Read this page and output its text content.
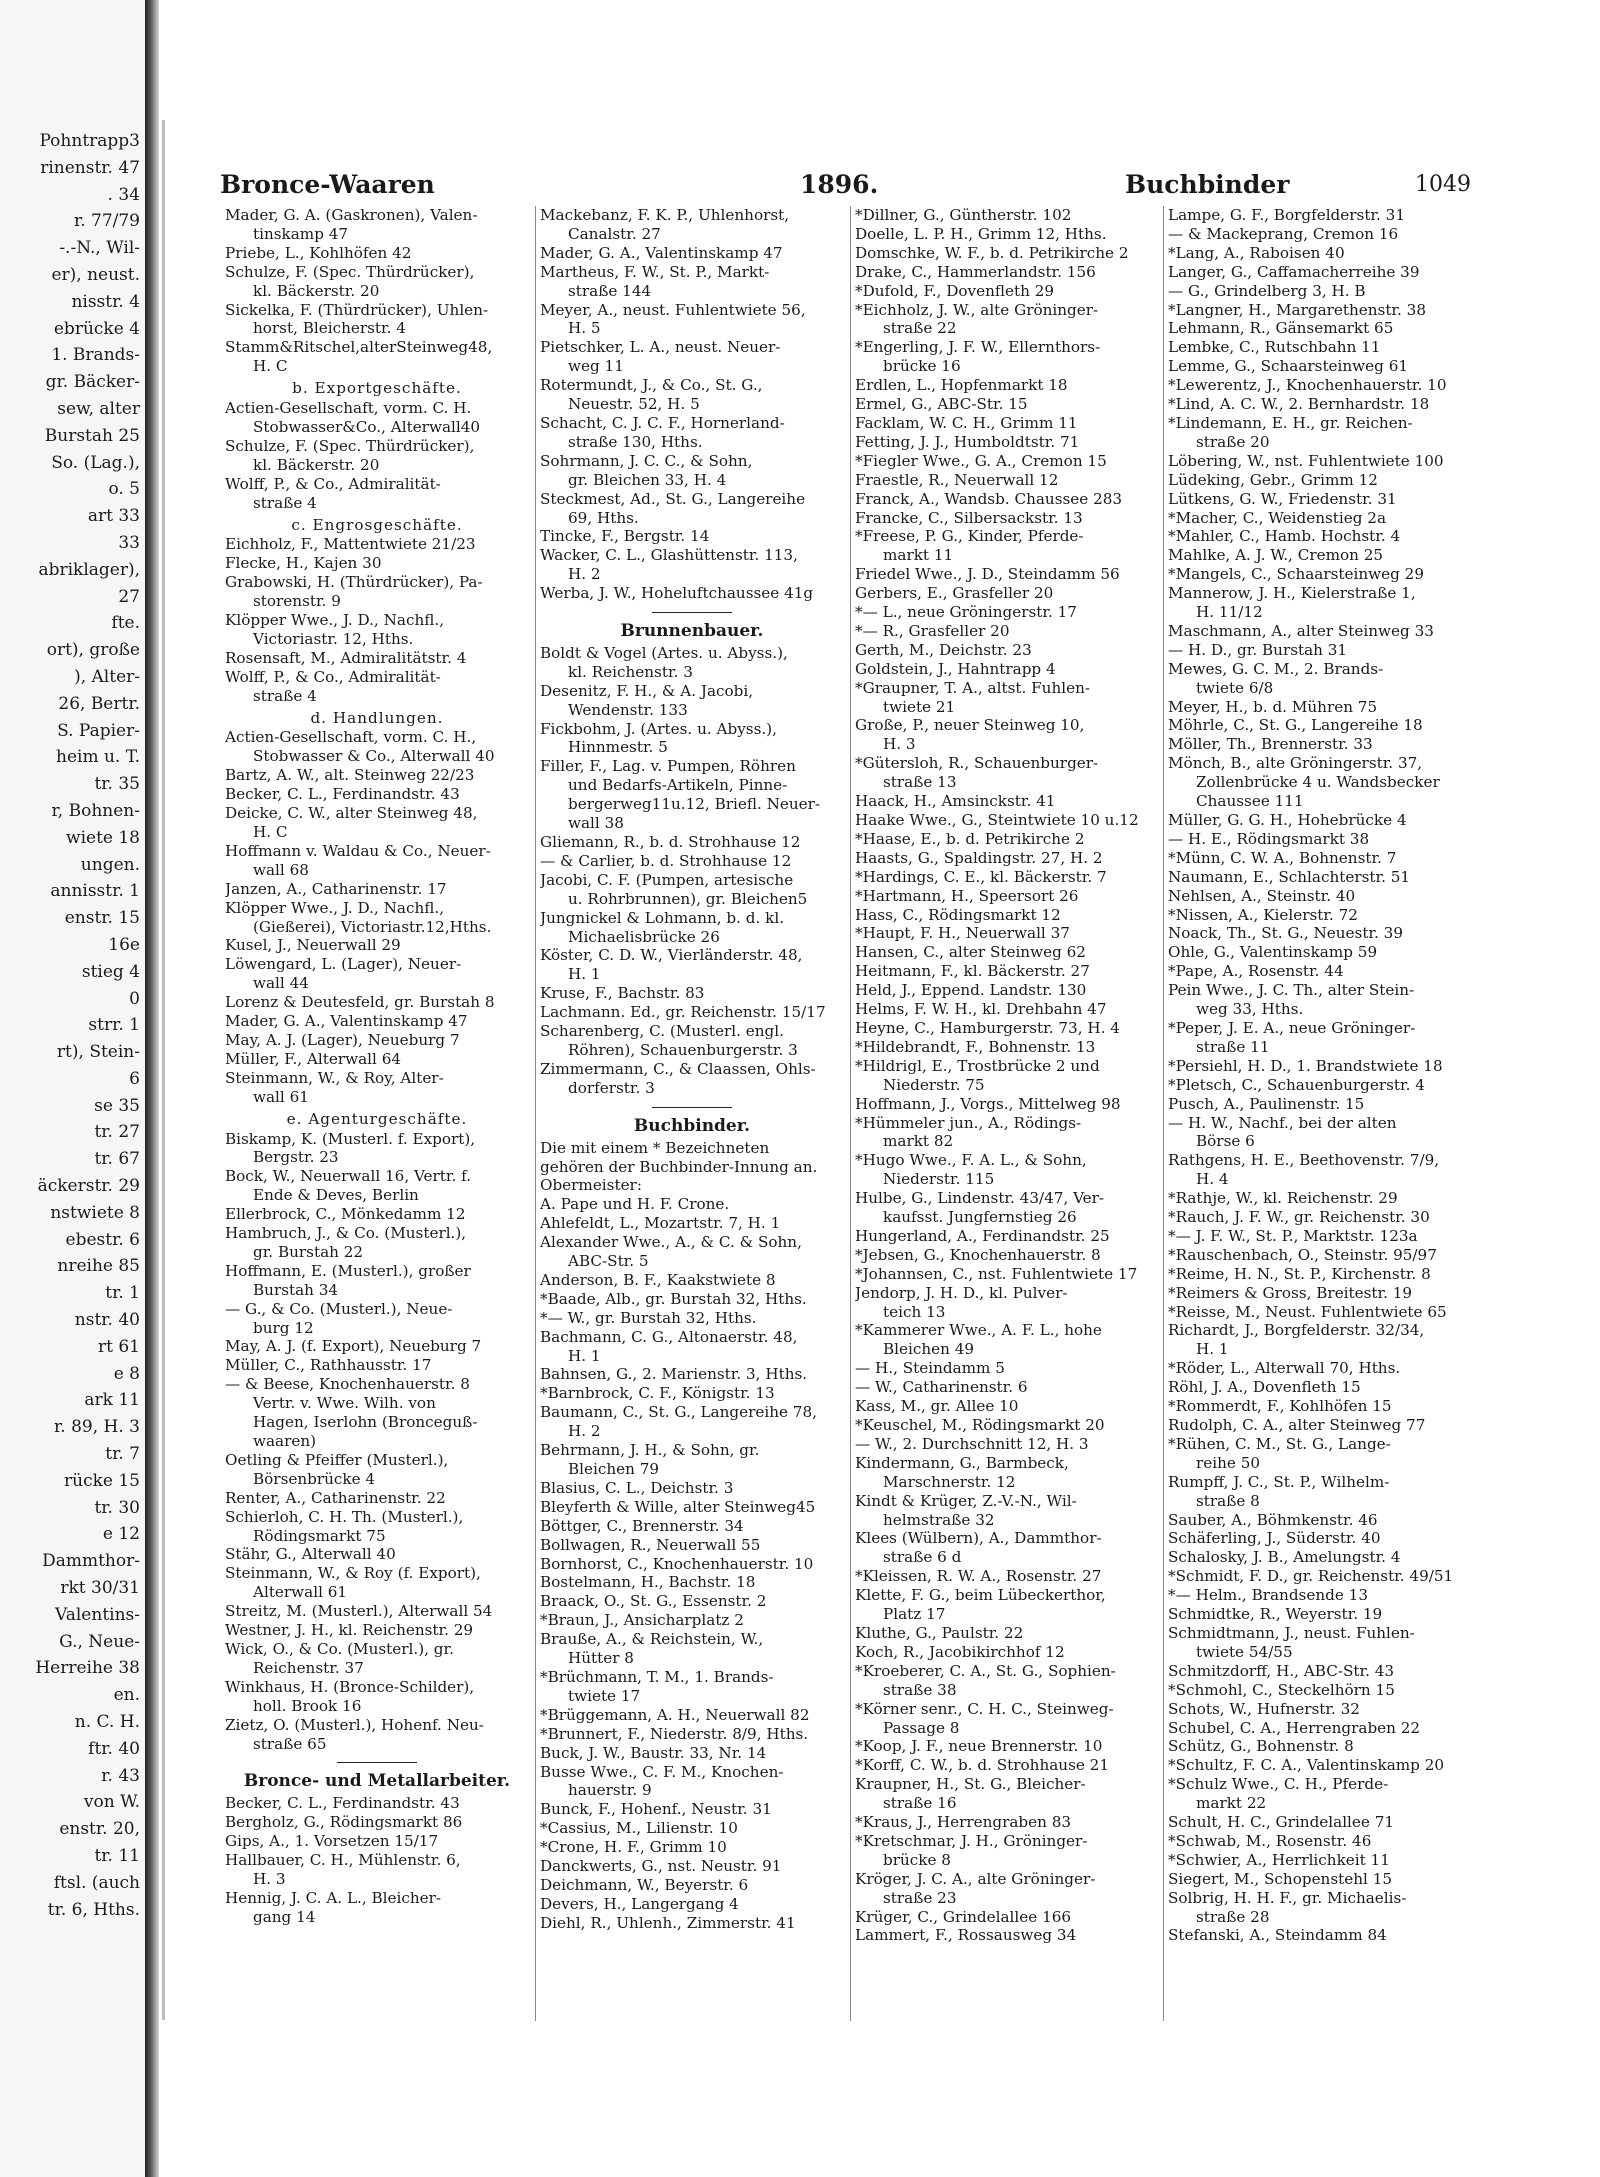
Pohntrapp3
rinenstr. 47
. 34
r. 77/79
-.-N., Wil-
er), neust.
nisstr. 4
ebrücke 4
1. Brands-
gr. Bäcker-
sew, alter
Burstah 25
So. (Lag.),
o. 5
art 33
33
abriklager),
27
fte.
ort), große
), Alter-
26, Bertr.
S. Papier-
heim u. T.
tr. 35
r, Bohnen-
wiete 18
ungen.
annisstr. 1
enstr. 15
16e
stieg 4
0
strr. 1
rt), Stein-
6
se 35
tr. 27
tr. 67
äckerstr. 29
nstwiete 8
ebestr. 6
nreihe 85
tr. 1
nstr. 40
rt 61
e 8
ark 11
r. 89, H. 3
tr. 7
rücke 15
tr. 30
e 12
Dammthor-
rkt 30/31
Valentins-
G., Neue-
Herreihe 38
en.
n. C. H.
ftr. 40
r. 43
von W.
enstr. 20,
tr. 11
ftsl. (auch
tr. 6, Hths.
Bronce-Waaren	1896.	Buchbinder	1049
Mader, G. A. (Gaskronen), Valen-
tinskamp 47
Priebe, L., Kohlhöfen 42
Schulze, F. (Spec. Thürdrücker),
kl. Bäckerstr. 20
Sickelka, F. (Thürdrücker), Uhlen-
horst, Bleicherstr. 4
Stamm&Ritschel,alterSteinweg48,
H. C
b. Exportgeschäfte.
Actien-Gesellschaft, vorm. C. H.
Stobwasser&Co., Alterwall40
Schulze, F. (Spec. Thürdrücker),
kl. Bäckerstr. 20
Wolff, P., & Co., Admiralität-
straße 4
c. Engrosgeschäfte.
Eichholz, F., Mattentwiete 21/23
Flecke, H., Kajen 30
Grabowski, H. (Thürdrücker), Pa-
storenstr. 9
Klöpper Wwe., J. D., Nachfl.,
Victoriastr. 12, Hths.
Rosensaft, M., Admiralitätstr. 4
Wolff, P., & Co., Admiralität-
straße 4
d. Handlungen.
Actien-Gesellschaft, vorm. C. H.,
Stobwasser & Co., Alterwall 40
Bartz, A. W., alt. Steinweg 22/23
Becker, C. L., Ferdinandstr. 43
Deicke, C. W., alter Steinweg 48,
H. C
Hoffmann v. Waldau & Co., Neuer-
wall 68
Janzen, A., Catharinenstr. 17
Klöpper Wwe., J. D., Nachfl.,
(Gießerei), Victoriastr.12,Hths.
Kusel, J., Neuerwall 29
Löwengard, L. (Lager), Neuer-
wall 44
Lorenz & Deutesfeld, gr. Burstah 8
Mader, G. A., Valentinskamp 47
May, A. J. (Lager), Neueburg 7
Müller, F., Alterwall 64
Steinmann, W., & Roy, Alter-
wall 61
e. Agenturgeschäfte.
Biskamp, K. (Musterl. f. Export),
Bergstr. 23
Bock, W., Neuerwall 16, Vertr. f.
Ende & Deves, Berlin
Ellerbrock, C., Mönkedamm 12
Hambruch, J., & Co. (Musterl.),
gr. Burstah 22
Hoffmann, E. (Musterl.), großer
Burstah 34
— G., & Co. (Musterl.), Neue-
burg 12
May, A. J. (f. Export), Neueburg 7
Müller, C., Rathhausstr. 17
— & Beese, Knochenhauerstr. 8
Vertr. v. Wwe. Wilh. von
Hagen, Iserlohn (Bronceguß-
waaren)
Oetling & Pfeiffer (Musterl.),
Börsenbrücke 4
Renter, A., Catharinenstr. 22
Schierloh, C. H. Th. (Musterl.),
Rödingsmarkt 75
Stähr, G., Alterwall 40
Steinmann, W., & Roy (f. Export),
Alterwall 61
Streitz, M. (Musterl.), Alterwall 54
Westner, J. H., kl. Reichenstr. 29
Wick, O., & Co. (Musterl.), gr.
Reichenstr. 37
Winkhaus, H. (Bronce-Schilder),
holl. Brook 16
Zietz, O. (Musterl.), Hohenf. Neu-
straße 65
Bronce- und Metallarbeiter.
Becker, C. L., Ferdinandstr. 43
Bergholz, G., Rödingsmarkt 86
Gips, A., 1. Vorsetzen 15/17
Hallbauer, C. H., Mühlenstr. 6,
H. 3
Hennig, J. C. A. L., Bleicher-
gang 14
Mackebanz, F. K. P., Uhlenhorst,
Canalstr. 27
Mader, G. A., Valentinskamp 47
Martheus, F. W., St. P., Markt-
straße 144
Meyer, A., neust. Fuhlentwiete 56,
H. 5
Pietschker, L. A., neust. Neuer-
weg 11
Rotermundt, J., & Co., St. G.,
Neuestr. 52, H. 5
Schacht, C. J. C. F., Hornerland-
straße 130, Hths.
Sohrmann, J. C. C., & Sohn,
gr. Bleichen 33, H. 4
Steckmest, Ad., St. G., Langereihe
69, Hths.
Tincke, F., Bergstr. 14
Wacker, C. L., Glashüttenstr. 113,
H. 2
Werba, J. W., Hoheluftchaussee 41g
Brunnenbauer.
Boldt & Vogel (Artes. u. Abyss.),
kl. Reichenstr. 3
Desenitz, F. H., & A. Jacobi,
Wendenstr. 133
Fickbohm, J. (Artes. u. Abyss.),
Hinnmestr. 5
Filler, F., Lag. v. Pumpen, Röhren
und Bedarfs-Artikeln, Pinne-
bergerweg11u.12, Briefl. Neuer-
wall 38
Gliemann, R., b. d. Strohhause 12
— & Carlier, b. d. Strohhause 12
Jacobi, C. F. (Pumpen, artesische
u. Rohrbrunnen), gr. Bleichen5
Jungnickel & Lohmann, b. d. kl.
Michaelisbrücke 26
Köster, C. D. W., Vierländerstr. 48,
H. 1
Kruse, F., Bachstr. 83
Lachmann. Ed., gr. Reichenstr. 15/17
Scharenberg, C. (Musterl. engl.
Röhren), Schauenburgerstr. 3
Zimmermann, C., & Claassen, Ohls-
dorferstr. 3
Buchbinder.
Die mit einem * Bezeichneten
gehören der Buchbinder-Innung an.
Obermeister:
A. Pape und H. F. Crone.
Ahlefeldt, L., Mozartstr. 7, H. 1
Alexander Wwe., A., & C. & Sohn,
ABC-Str. 5
Anderson, B. F., Kaakstwiete 8
*Baade, Alb., gr. Burstah 32, Hths.
*— W., gr. Burstah 32, Hths.
Bachmann, C. G., Altonaerstr. 48,
H. 1
Bahnsen, G., 2. Marienstr. 3, Hths.
*Barnbrock, C. F., Königstr. 13
Baumann, C., St. G., Langereihe 78,
H. 2
Behrmann, J. H., & Sohn, gr.
Bleichen 79
Blasius, C. L., Deichstr. 3
Bleyferth & Wille, alter Steinweg45
Böttger, C., Brennerstr. 34
Bollwagen, R., Neuerwall 55
Bornhorst, C., Knochenhauerstr. 10
Bostelmann, H., Bachstr. 18
Braack, O., St. G., Essenstr. 2
*Braun, J., Ansicharplatz 2
Brauße, A., & Reichstein, W.,
Hütter 8
*Brüchmann, T. M., 1. Brands-
twiete 17
*Brüggemann, A. H., Neuerwall 82
*Brunnert, F., Niederstr. 8/9, Hths.
Buck, J. W., Baustr. 33, Nr. 14
Busse Wwe., C. F. M., Knochen-
hauerstr. 9
Bunck, F., Hohenf., Neustr. 31
*Cassius, M., Lilienstr. 10
*Crone, H. F., Grimm 10
Danckwerts, G., nst. Neustr. 91
Deichmann, W., Beyerstr. 6
Devers, H., Langergang 4
Diehl, R., Uhlenh., Zimmerstr. 41
*Dillner, G., Güntherstr. 102
Doelle, L. P. H., Grimm 12, Hths.
Domschke, W. F., b. d. Petrikirche 2
Drake, C., Hammerlandstr. 156
*Dufold, F., Dovenfleth 29
*Eichholz, J. W., alte Gröninger-
straße 22
*Engerling, J. F. W., Ellernthors-
brücke 16
Erdlen, L., Hopfenmarkt 18
Ermel, G., ABC-Str. 15
Facklam, W. C. H., Grimm 11
Fetting, J. J., Humboldtstr. 71
*Fiegler Wwe., G. A., Cremon 15
Fraestle, R., Neuerwall 12
Franck, A., Wandsb. Chaussee 283
Francke, C., Silbersackstr. 13
*Freese, P. G., Kinder, Pferde-
markt 11
Friedel Wwe., J. D., Steindamm 56
Gerbers, E., Grasfeller 20
*— L., neue Gröningerstr. 17
*— R., Grasfeller 20
Gerth, M., Deichstr. 23
Goldstein, J., Hahntrapp 4
*Graupner, T. A., altst. Fuhlen-
twiete 21
Große, P., neuer Steinweg 10,
H. 3
*Gütersloh, R., Schauenburger-
straße 13
Haack, H., Amsinckstr. 41
Haake Wwe., G., Steintwiete 10 u.12
*Haase, E., b. d. Petrikirche 2
Haasts, G., Spaldingstr. 27, H. 2
*Hardings, C. E., kl. Bäckerstr. 7
*Hartmann, H., Speersort 26
Hass, C., Rödingsmarkt 12
*Haupt, F. H., Neuerwall 37
Hansen, C., alter Steinweg 62
Heitmann, F., kl. Bäckerstr. 27
Held, J., Eppend. Landstr. 130
Helms, F. W. H., kl. Drehbahn 47
Heyne, C., Hamburgerstr. 73, H. 4
*Hildebrandt, F., Bohnenstr. 13
*Hildrigl, E., Trostbrücke 2 und
Niederstr. 75
Hoffmann, J., Vorgs., Mittelweg 98
*Hümmeler jun., A., Rödings-
markt 82
*Hugo Wwe., F. A. L., & Sohn,
Niederstr. 115
Hulbe, G., Lindenstr. 43/47, Ver-
kaufsst. Jungfernstieg 26
Hungerland, A., Ferdinandstr. 25
*Jebsen, G., Knochenhauerstr. 8
*Johannsen, C., nst. Fuhlentwiete 17
Jendorp, J. H. D., kl. Pulver-
teich 13
*Kammerer Wwe., A. F. L., hohe
Bleichen 49
— H., Steindamm 5
— W., Catharinenstr. 6
Kass, M., gr. Allee 10
*Keuschel, M., Rödingsmarkt 20
— W., 2. Durchschnitt 12, H. 3
Kindermann, G., Barmbeck,
Marschnerstr. 12
Kindt & Krüger, Z.-V.-N., Wil-
helmstraße 32
Klees (Wülbern), A., Dammthor-
straße 6 d
*Kleissen, R. W. A., Rosenstr. 27
Klette, F. G., beim Lübeckerthor,
Platz 17
Kluthe, G., Paulstr. 22
Koch, R., Jacobikirchhof 12
*Kroeberer, C. A., St. G., Sophien-
straße 38
*Körner senr., C. H. C., Steinweg-
Passage 8
*Koop, J. F., neue Brennerstr. 10
*Korff, C. W., b. d. Strohhause 21
Kraupner, H., St. G., Bleicher-
straße 16
*Kraus, J., Herrengraben 83
*Kretschmar, J. H., Gröninger-
brücke 8
Kröger, J. C. A., alte Gröninger-
straße 23
Krüger, C., Grindelallee 166
Lammert, F., Rossausweg 34
Lampe, G. F., Borgfelderstr. 31
— & Mackeprang, Cremon 16
*Lang, A., Raboisen 40
Langer, G., Caffamacherreihe 39
— G., Grindelberg 3, H. B
*Langner, H., Margarethenstr. 38
Lehmann, R., Gänsemarkt 65
Lembke, C., Rutschbahn 11
Lemme, G., Schaarsteinweg 61
*Lewerentz, J., Knochenhauerstr. 10
*Lind, A. C. W., 2. Bernhardstr. 18
*Lindemann, E. H., gr. Reichen-
straße 20
Löbering, W., nst. Fuhlentwiete 100
Lüdeking, Gebr., Grimm 12
Lütkens, G. W., Friedenstr. 31
*Macher, C., Weidenstieg 2a
*Mahler, C., Hamb. Hochstr. 4
Mahlke, A. J. W., Cremon 25
*Mangels, C., Schaarsteinweg 29
Mannerow, J. H., Kielerstraße 1,
H. 11/12
Maschmann, A., alter Steinweg 33
— H. D., gr. Burstah 31
Mewes, G. C. M., 2. Brands-
twiete 6/8
Meyer, H., b. d. Mühren 75
Möhrle, C., St. G., Langereihe 18
Möller, Th., Brennerstr. 33
Mönch, B., alte Gröningerstr. 37,
Zollenbrücke 4 u. Wandsbecker
Chaussee 111
Müller, G. G. H., Hohebrücke 4
— H. E., Rödingsmarkt 38
*Münn, C. W. A., Bohnenstr. 7
Naumann, E., Schlachterstr. 51
Nehlsen, A., Steinstr. 40
*Nissen, A., Kielerstr. 72
Noack, Th., St. G., Neuestr. 39
Ohle, G., Valentinskamp 59
*Pape, A., Rosenstr. 44
Pein Wwe., J. C. Th., alter Stein-
weg 33, Hths.
*Peper, J. E. A., neue Gröninger-
straße 11
*Persiehl, H. D., 1. Brandstwiete 18
*Pletsch, C., Schauenburgerstr. 4
Pusch, A., Paulinenstr. 15
— H. W., Nachf., bei der alten
Börse 6
Rathgens, H. E., Beethovenstr. 7/9,
H. 4
*Rathje, W., kl. Reichenstr. 29
*Rauch, J. F. W., gr. Reichenstr. 30
*— J. F. W., St. P., Marktstr. 123a
*Rauschenbach, O., Steinstr. 95/97
*Reime, H. N., St. P., Kirchenstr. 8
*Reimers & Gross, Breitestr. 19
*Reisse, M., Neust. Fuhlentwiete 65
Richardt, J., Borgfelderstr. 32/34,
H. 1
*Röder, L., Alterwall 70, Hths.
Röhl, J. A., Dovenfleth 15
*Rommerdt, F., Kohlhöfen 15
Rudolph, C. A., alter Steinweg 77
*Rühen, C. M., St. G., Lange-
reihe 50
Rumpff, J. C., St. P., Wilhelm-
straße 8
Sauber, A., Böhmkenstr. 46
Schäferling, J., Süderstr. 40
Schalosky, J. B., Amelungstr. 4
*Schmidt, F. D., gr. Reichenstr. 49/51
*— Helm., Brandsende 13
Schmidtke, R., Weyerstr. 19
Schmidtmann, J., neust. Fuhlen-
twiete 54/55
Schmitzdorff, H., ABC-Str. 43
*Schmohl, C., Steckelhörn 15
Schots, W., Hufnerstr. 32
Schubel, C. A., Herrengraben 22
Schütz, G., Bohnenstr. 8
*Schultz, F. C. A., Valentinskamp 20
*Schulz Wwe., C. H., Pferde-
markt 22
Schult, H. C., Grindelallee 71
*Schwab, M., Rosenstr. 46
*Schwier, A., Herrlichkeit 11
Siegert, M., Schopenstehl 15
Solbrig, H. H. F., gr. Michaelis-
straße 28
Stefanski, A., Steindamm 84
